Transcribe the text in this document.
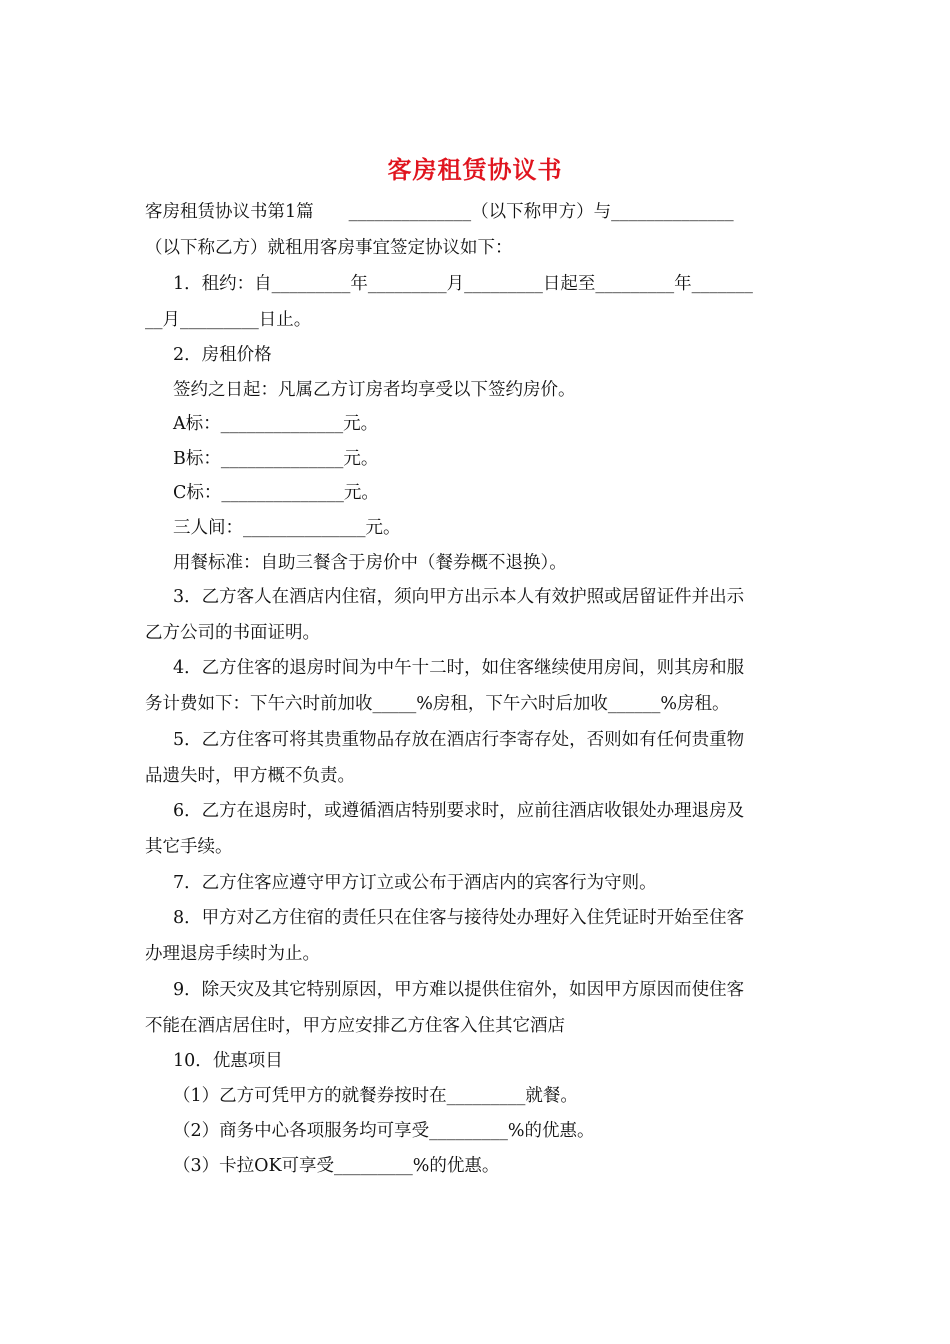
客房租赁协议书
客房租赁协议书第1篇　　______________（以下称甲方）与______________
（以下称乙方）就租用客房事宜签定协议如下：
1．租约：自_________年_________月_________日起至_________年_______
__月_________日止。
2．房租价格
签约之日起：凡属乙方订房者均享受以下签约房价。
A标：______________元。
B标：______________元。
C标：______________元。
三人间：______________元。
用餐标准：自助三餐含于房价中（餐券概不退换）。
3．乙方客人在酒店内住宿，须向甲方出示本人有效护照或居留证件并出示
乙方公司的书面证明。
4．乙方住客的退房时间为中午十二时，如住客继续使用房间，则其房和服
务计费如下：下午六时前加收_____%房租，下午六时后加收______%房租。
5．乙方住客可将其贵重物品存放在酒店行李寄存处，否则如有任何贵重物
品遗失时，甲方概不负责。
6．乙方在退房时，或遵循酒店特别要求时，应前往酒店收银处办理退房及
其它手续。
7．乙方住客应遵守甲方订立或公布于酒店内的宾客行为守则。
8．甲方对乙方住宿的责任只在住客与接待处办理好入住凭证时开始至住客
办理退房手续时为止。
9．除天灾及其它特别原因，甲方难以提供住宿外，如因甲方原因而使住客
不能在酒店居住时，甲方应安排乙方住客入住其它酒店
10．优惠项目
（1）乙方可凭甲方的就餐券按时在_________就餐。
（2）商务中心各项服务均可享受_________%的优惠。
（3）卡拉OK可享受_________%的优惠。
